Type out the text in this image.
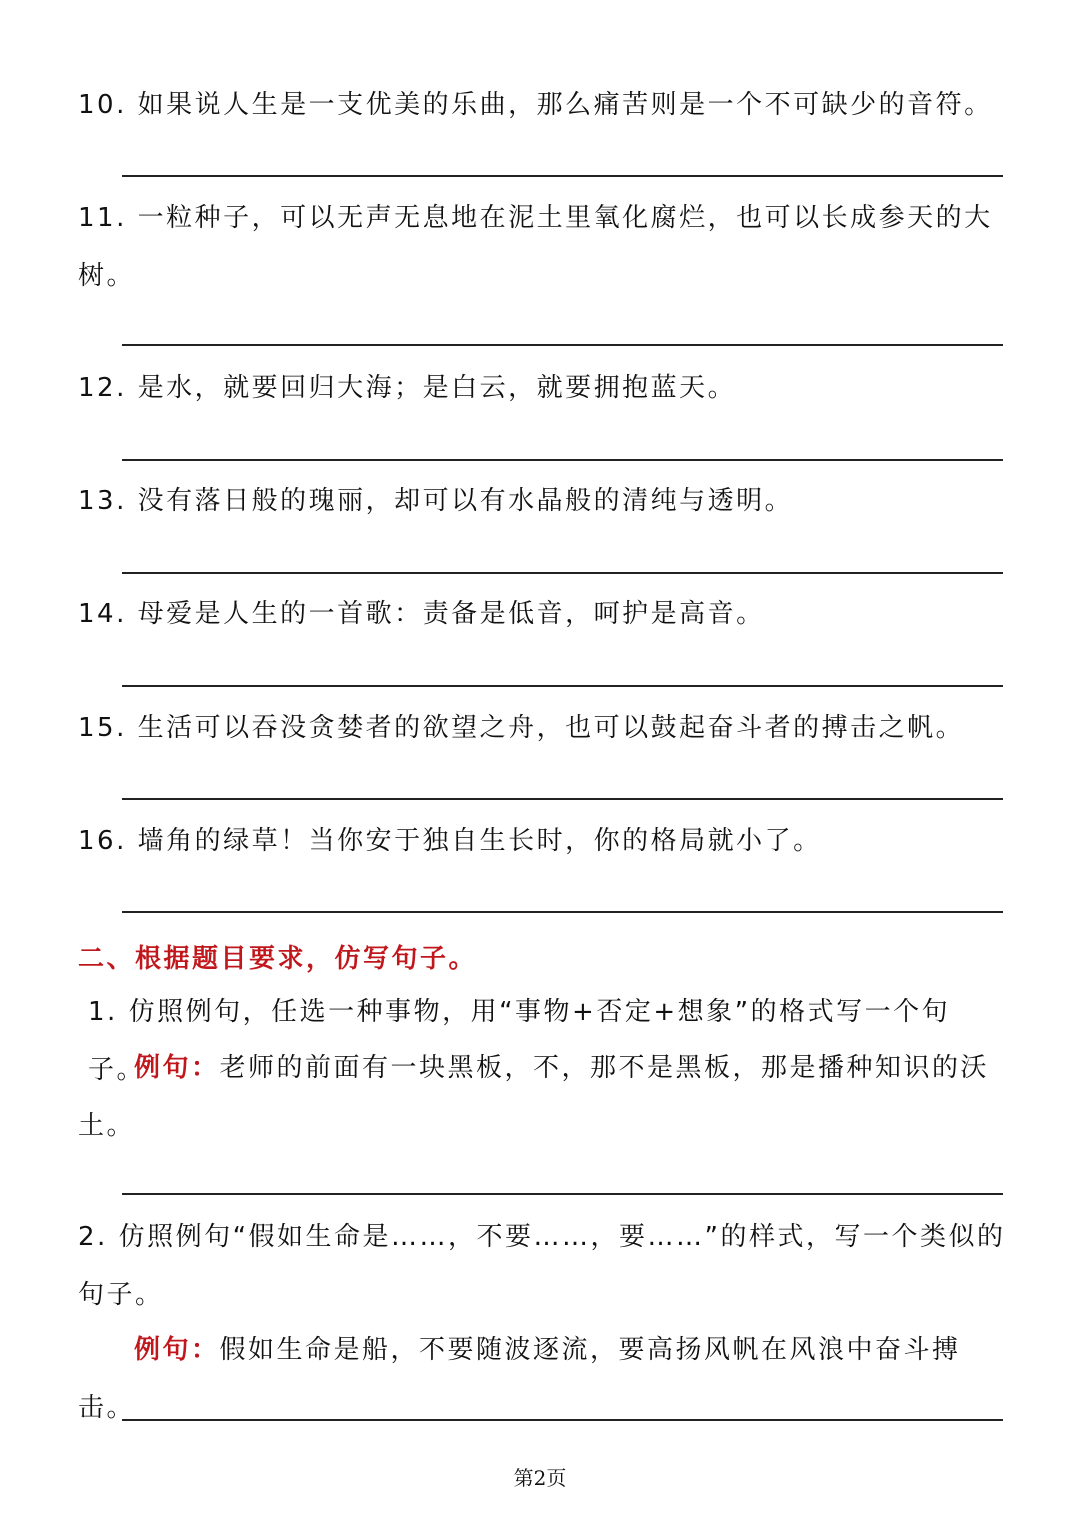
10. 如果说人生是一支优美的乐曲，那么痛苦则是一个不可缺少的音符。
11. 一粒种子，可以无声无息地在泥土里氧化腐烂，也可以长成参天的大树。
12. 是水，就要回归大海；是白云，就要拥抱蓝天。
13. 没有落日般的瑰丽，却可以有水晶般的清纯与透明。
14. 母爱是人生的一首歌：责备是低音，呵护是高音。
15. 生活可以吞没贪婪者的欲望之舟，也可以鼓起奋斗者的搏击之帆。
16. 墙角的绿草！当你安于独自生长时，你的格局就小了。
二、根据题目要求，仿写句子。
1. 仿照例句，任选一种事物，用“事物+否定+想象”的格式写一个句子。
例句：老师的前面有一块黑板，不，那不是黑板，那是播种知识的沃土。
2. 仿照例句“假如生命是……，不要……，要……”的样式，写一个类似的句子。
例句：假如生命是船，不要随波逐流，要高扬风帆在风浪中奋斗搏击。
第2页
